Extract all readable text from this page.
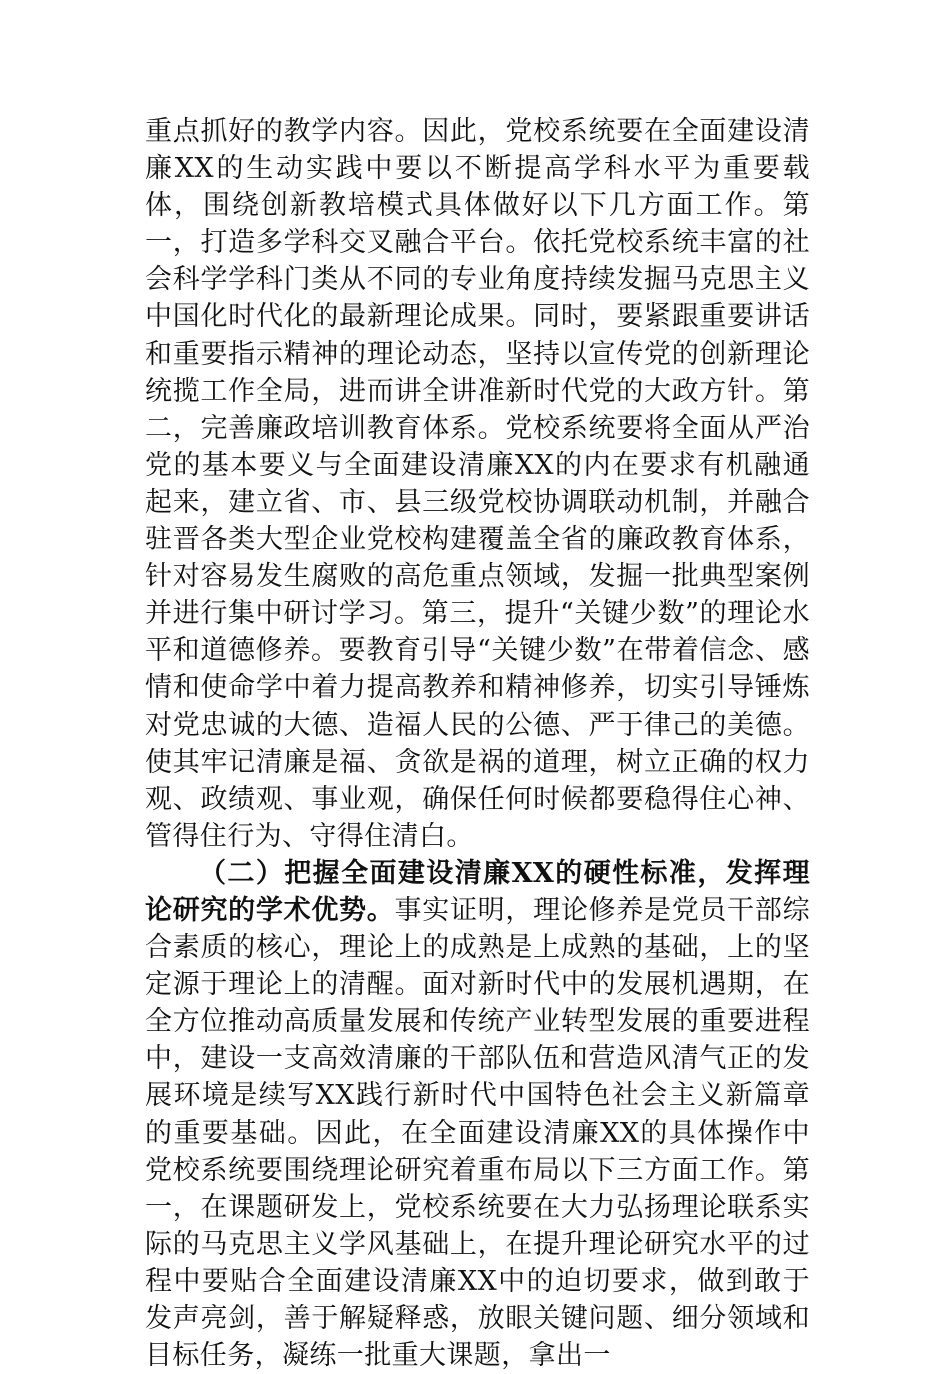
重点抓好的教学内容。因此，党校系统要在全面建设清廉XX的生动实践中要以不断提高学科水平为重要载体，围绕创新教培模式具体做好以下几方面工作。第一，打造多学科交叉融合平台。依托党校系统丰富的社会科学学科门类从不同的专业角度持续发掘马克思主义中国化时代化的最新理论成果。同时，要紧跟重要讲话和重要指示精神的理论动态，坚持以宣传党的创新理论统揽工作全局，进而讲全讲准新时代党的大政方针。第二，完善廉政培训教育体系。党校系统要将全面从严治党的基本要义与全面建设清廉XX的内在要求有机融通起来，建立省、市、县三级党校协调联动机制，并融合驻晋各类大型企业党校构建覆盖全省的廉政教育体系，针对容易发生腐败的高危重点领域，发掘一批典型案例并进行集中研讨学习。第三，提升“关键少数”的理论水平和道德修养。要教育引导“关键少数”在带着信念、感情和使命学中着力提高教养和精神修养，切实引导锤炼对党忠诚的大德、造福人民的公德、严于律己的美德。使其牢记清廉是福、贪欲是祸的道理，树立正确的权力观、政绩观、事业观，确保任何时候都要稳得住心神、管得住行为、守得住清白。

（二）把握全面建设清廉XX的硬性标准，发挥理论研究的学术优势。事实证明，理论修养是党员干部综合素质的核心，理论上的成熟是上成熟的基础，上的坚定源于理论上的清醒。面对新时代中的发展机遇期，在全方位推动高质量发展和传统产业转型发展的重要进程中，建设一支高效清廉的干部队伍和营造风清气正的发展环境是续写XX践行新时代中国特色社会主义新篇章的重要基础。因此，在全面建设清廉XX的具体操作中党校系统要围绕理论研究着重布局以下三方面工作。第一，在课题研发上，党校系统要在大力弘扬理论联系实际的马克思主义学风基础上，在提升理论研究水平的过程中要贴合全面建设清廉XX中的迫切要求，做到敢于发声亮剑，善于解疑释惑，放眼关键问题、细分领域和目标任务，凝练一批重大课题，拿出一
